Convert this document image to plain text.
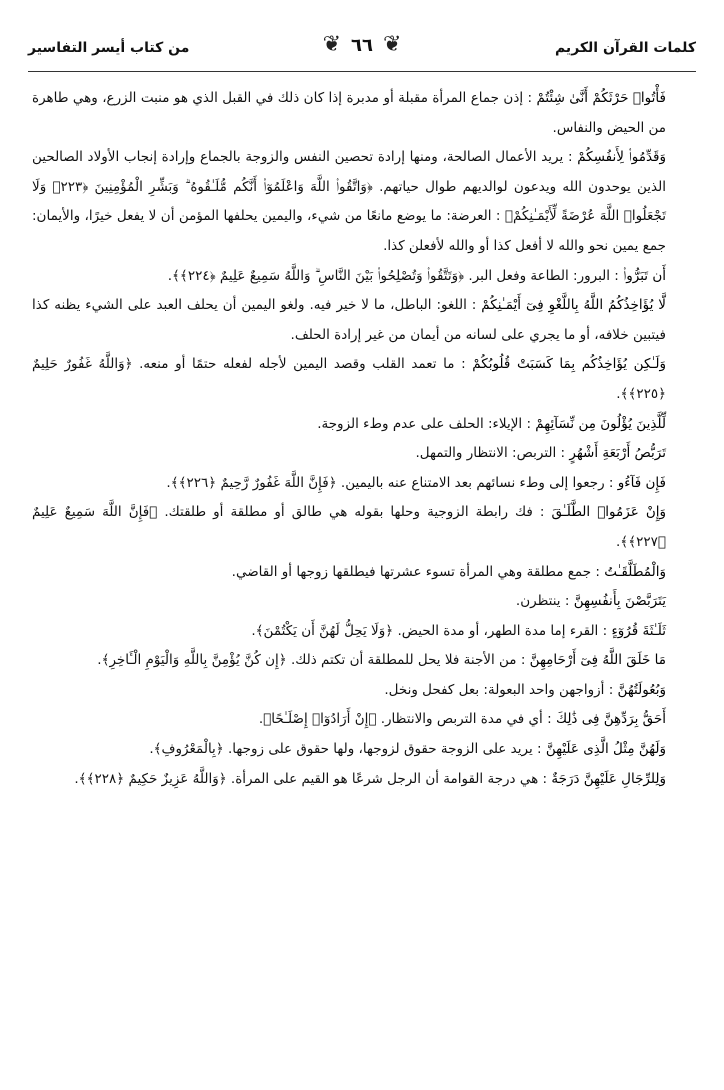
كلمات القرآن الكريم
❦ ٦٦ ❦
من كتاب أيسر التفاسير

فَأْتُوا۟ حَرْثَكُمْ أَنَّىٰ شِئْتُمْ : إذن جماع المرأة مقبلة أو مدبرة إذا كان ذلك في القبل الذي هو منبت الزرع، وهي طاهرة من الحيض والنفاس.

وَقَدِّمُوا۟ لِأَنفُسِكُمْ : يريد الأعمال الصالحة، ومنها إرادة تحصين النفس والزوجة بالجماع وإرادة إنجاب الأولاد الصالحين الذين يوحدون الله ويدعون لوالديهم طوال حياتهم. ﴿وَاتَّقُوا۟ اللَّهَ وَاعْلَمُوٓا۟ أَنَّكُم مُّلَـٰقُوهُ ۗ وَبَشِّرِ الْمُؤْمِنِينَ ﴿٢٢٣﴾ وَلَا تَجْعَلُوا۟ اللَّهَ عُرْضَةً لِّأَيْمَـٰنِكُمْ﴾ : العرضة: ما يوضع مانعًا من شيء، واليمين يحلفها المؤمن أن لا يفعل خيرًا، والأيمان: جمع يمين نحو والله لا أفعل كذا أو والله لأفعلن كذا.

أَن تَبَرُّوا۟ : البرور: الطاعة وفعل البر. ﴿وَتَتَّقُوا۟ وَتُصْلِحُوا۟ بَيْنَ النَّاسِ ۗ وَاللَّهُ سَمِيعٌ عَلِيمٌ ﴿٢٢٤﴾﴾.

لَّا يُؤَاخِذُكُمُ اللَّهُ بِاللَّغْوِ فِىٓ أَيْمَـٰنِكُمْ : اللغو: الباطل، ما لا خير فيه. ولغو اليمين أن يحلف العبد على الشيء يظنه كذا فيتبين خلافه، أو ما يجري على لسانه من أيمان من غير إرادة الحلف.

وَلَـٰكِن يُؤَاخِذُكُم بِمَا كَسَبَتْ قُلُوبُكُمْ : ما تعمد القلب وقصد اليمين لأجله لفعله حتمًا أو منعه. ﴿وَاللَّهُ غَفُورٌ حَلِيمٌ ﴿٢٢٥﴾﴾.

لِّلَّذِينَ يُؤْلُونَ مِن نِّسَآئِهِمْ : الإيلاء: الحلف على عدم وطء الزوجة.

تَرَبُّصُ أَرْبَعَةِ أَشْهُرٍ : التربص: الانتظار والتمهل.

فَإِن فَآءُو : رجعوا إلى وطء نسائهم بعد الامتناع عنه باليمين. ﴿فَإِنَّ اللَّهَ غَفُورٌ رَّحِيمٌ ﴿٢٢٦﴾﴾.

وَإِنْ عَزَمُوا۟ الطَّلَـٰقَ : فك رابطة الزوجية وحلها بقوله هي طالق أو مطلقة أو طلقتك. ﴿فَإِنَّ اللَّهَ سَمِيعٌ عَلِيمٌ ﴿٢٢٧﴾﴾.

وَالْمُطَلَّقَـٰتُ : جمع مطلقة وهي المرأة تسوء عشرتها فيطلقها زوجها أو القاضي.

يَتَرَبَّصْنَ بِأَنفُسِهِنَّ : ينتظرن.

ثَلَـٰثَةَ قُرُوٓءٍ : القرء إما مدة الطهر، أو مدة الحيض. ﴿وَلَا يَحِلُّ لَهُنَّ أَن يَكْتُمْنَ﴾.

مَا خَلَقَ اللَّهُ فِىٓ أَرْحَامِهِنَّ : من الأجنة فلا يحل للمطلقة أن تكتم ذلك. ﴿إِن كُنَّ يُؤْمِنَّ بِاللَّهِ وَالْيَوْمِ الْـَٔاخِرِ﴾.

وَبُعُولَتُهُنَّ : أزواجهن واحد البعولة: بعل كفحل ونخل.

أَحَقُّ بِرَدِّهِنَّ فِى ذَٰلِكَ : أي في مدة التربص والانتظار. ﴿إِنْ أَرَادُوٓا۟ إِصْلَـٰحًا﴾.

وَلَهُنَّ مِثْلُ الَّذِى عَلَيْهِنَّ : يريد على الزوجة حقوق لزوجها، ولها حقوق على زوجها. ﴿بِالْمَعْرُوفِ﴾.

وَلِلرِّجَالِ عَلَيْهِنَّ دَرَجَةٌ : هي درجة القوامة أن الرجل شرعًا هو القيم على المرأة. ﴿وَاللَّهُ عَزِيزٌ حَكِيمٌ ﴿٢٢٨﴾﴾.
